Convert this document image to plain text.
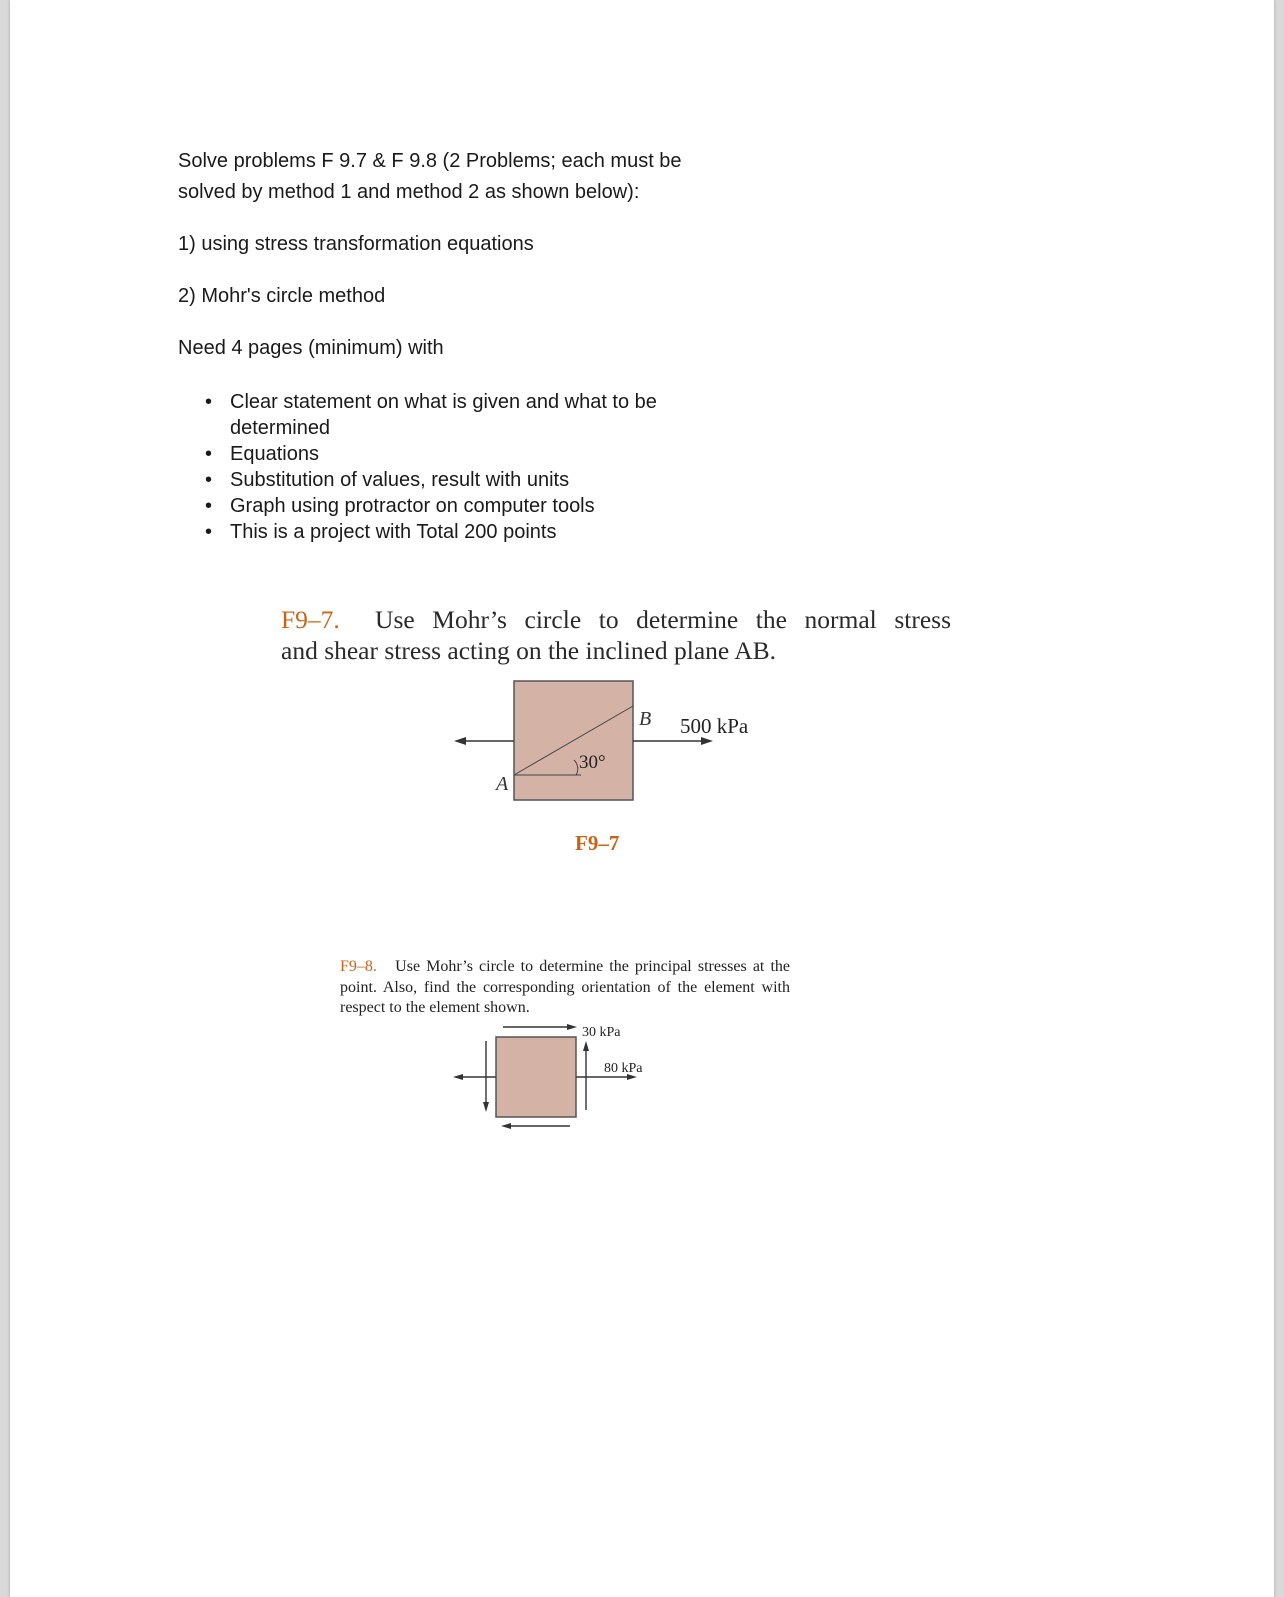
Solve problems F 9.7 & F 9.8 (2 Problems; each must be

solved by method 1 and method 2 as shown below):

1) using stress transformation equations

2) Mohr's circle method

Need 4 pages (minimum) with

• Clear statement on what is given and what to be determined
• Equations
• Substitution of values, result with units
• Graph using protractor on computer tools
• This is a project with Total 200 points
F9–7. Use Mohr’s circle to determine the normal stress
and shear stress acting on the inclined plane AB.
B
A
500 kPa
30°
F9–7

F9–8. Use Mohr’s circle to determine the principal stresses at the point. Also, find the corresponding orientation of the element with respect to the element shown.

30 kPa
80 kPa
